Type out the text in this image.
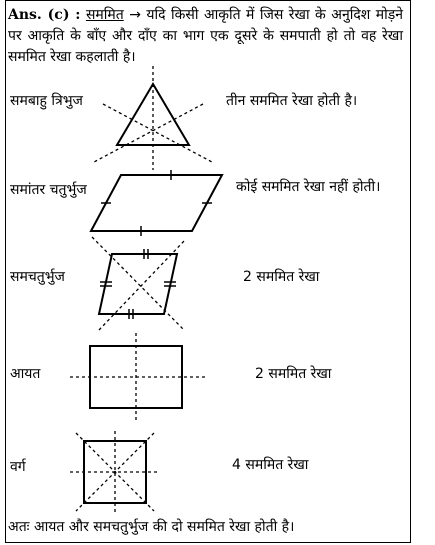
Ans. (c) : सममित → यदि किसी आकृति में जिस रेखा के अनुदिश मोड़ने पर आकृति के बाँए और दाँए का भाग एक दूसरे के समपाती हो तो वह रेखा सममित रेखा कहलाती है।
समबाहु त्रिभुज	तीन सममित रेखा होती है।
समांतर चतुर्भुज	कोई सममित रेखा नहीं होती।
समचतुर्भुज	2 सममित रेखा
आयत	2 सममित रेखा
वर्ग	4 सममित रेखा
अतः आयत और समचतुर्भुज की दो सममित रेखा होती है।
